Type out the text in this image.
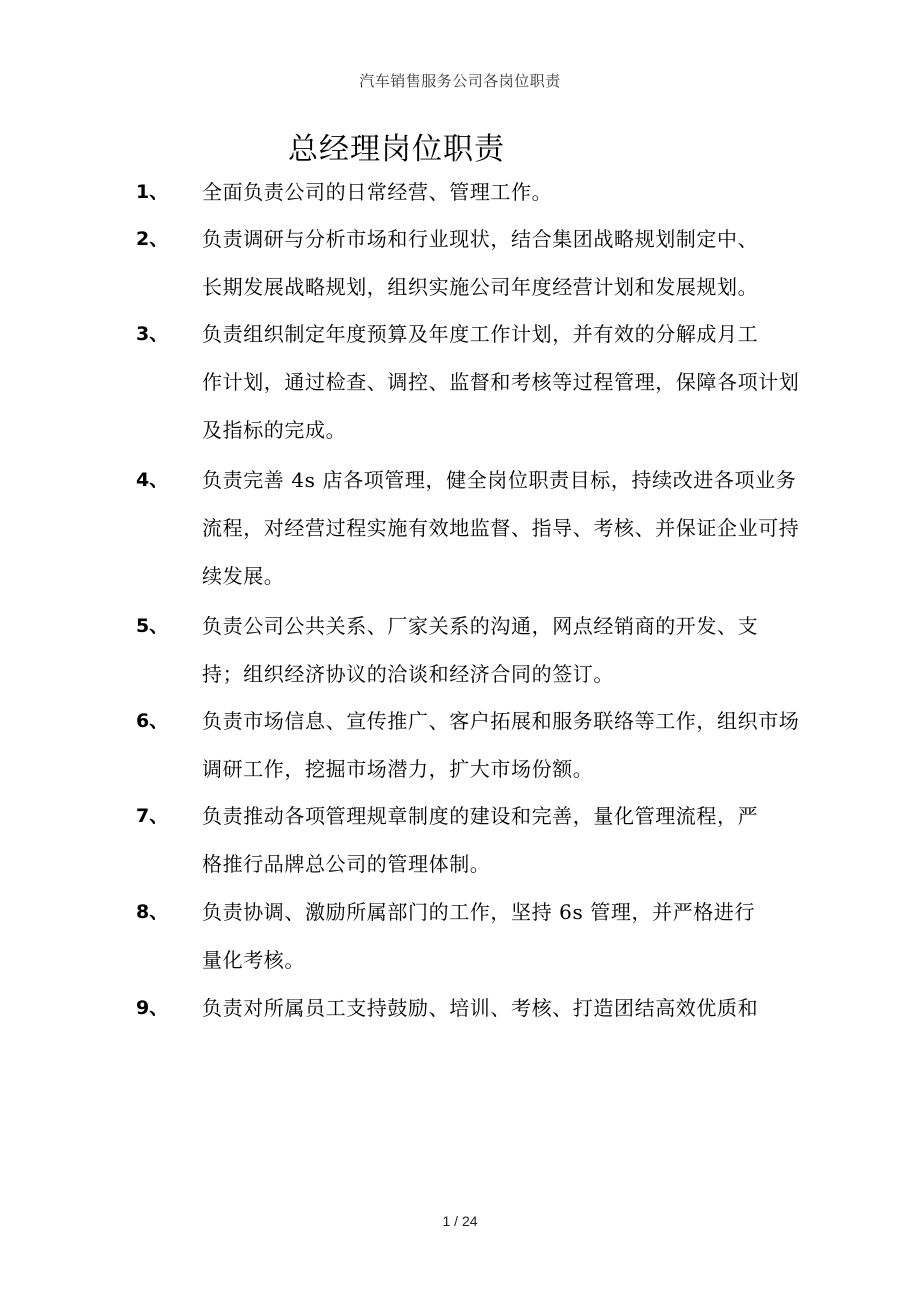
汽车销售服务公司各岗位职责
总经理岗位职责
1、 全面负责公司的日常经营、管理工作。
2、 负责调研与分析市场和行业现状，结合集团战略规划制定中、
长期发展战略规划，组织实施公司年度经营计划和发展规划。
3、 负责组织制定年度预算及年度工作计划，并有效的分解成月工
作计划，通过检查、调控、监督和考核等过程管理，保障各项计划
及指标的完成。
4、 负责完善 4s 店各项管理，健全岗位职责目标，持续改进各项业务
流程，对经营过程实施有效地监督、指导、考核、并保证企业可持
续发展。
5、 负责公司公共关系、厂家关系的沟通，网点经销商的开发、支
持；组织经济协议的洽谈和经济合同的签订。
6、 负责市场信息、宣传推广、客户拓展和服务联络等工作，组织市场
调研工作，挖掘市场潜力，扩大市场份额。
7、 负责推动各项管理规章制度的建设和完善，量化管理流程，严
格推行品牌总公司的管理体制。
8、 负责协调、激励所属部门的工作，坚持 6s 管理，并严格进行
量化考核。
9、 负责对所属员工支持鼓励、培训、考核、打造团结高效优质和
1 / 24
